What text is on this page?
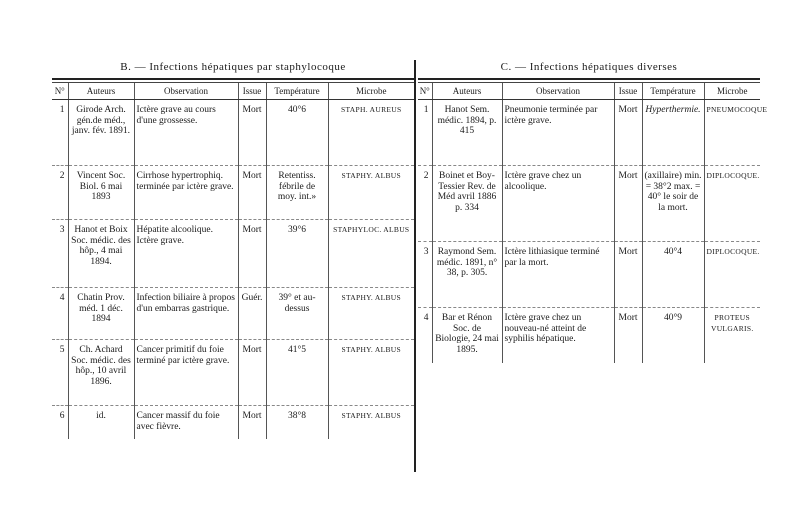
B. — Infections hépatiques par staphylocoque
N°	Auteurs	Observation	Issue	Température	Microbe
1	Girode Arch. gén.de méd., janv. fév. 1891.	Ictère grave au cours d'une grossesse.	Mort	40°6	STAPH. AUREUS
2	Vincent Soc. Biol. 6 mai 1893	Cirrhose hypertrophiq. terminée par ictère grave.	Mort	Retentiss. fébrile de moy. int.»	STAPHY. ALBUS
3	Hanot et Boix Soc. médic. des hôp., 4 mai 1894.	Hépatite alcoolique. Ictère grave.	Mort	39°6	STAPHYLOC. ALBUS
4	Chatin Prov. méd. 1 déc. 1894	Infection biliaire à propos d'un embarras gastrique.	Guér.	39° et au-dessus	STAPHY. ALBUS
5	Ch. Achard Soc. médic. des hôp., 10 avril 1896.	Cancer primitif du foie terminé par ictère grave.	Mort	41°5	STAPHY. ALBUS
6	id.	Cancer massif du foie avec fièvre.	Mort	38°8	STAPHY. ALBUS
C. — Infections hépatiques diverses
N°	Auteurs	Observation	Issue	Température	Microbe
1	Hanot Sem. médic. 1894, p. 415	Pneumonie terminée par ictère grave.	Mort	Hyperthermie.	PNEUMOCOQUE
2	Boinet et Boy-Tessier Rev. de Méd avril 1886 p. 334	Ictère grave chez un alcoolique.	Mort	(axillaire) min. = 38°2 max. = 40° le soir de la mort.	DIPLOCOQUE.
3	Raymond Sem. médic. 1891, n° 38, p. 305.	Ictère lithiasique terminé par la mort.	Mort	40°4	DIPLOCOQUE.
4	Bar et Rénon Soc. de Biologie, 24 mai 1895.	Ictère grave chez un nouveau-né atteint de syphilis hépatique.	Mort	40°9	PROTEUS VULGARIS.
